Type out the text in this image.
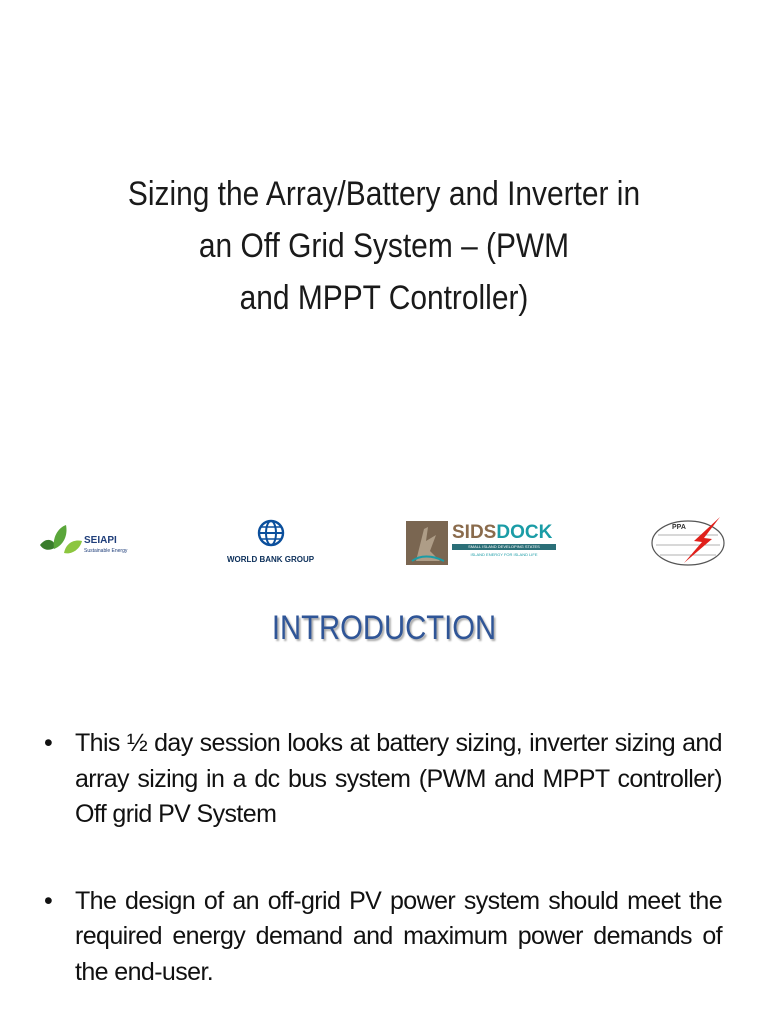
Sizing the Array/Battery and Inverter in
an Off Grid System – (PWM
and MPPT Controller)
SEIAPI
Sustainable Energy
WORLD BANK GROUP
SIDSDOCK
SMALL ISLAND DEVELOPING STATES
ISLAND ENERGY FOR ISLAND LIFE
PPA
INTRODUCTION
• This ½ day session looks at battery sizing, inverter sizing and array sizing in a dc bus system (PWM and MPPT controller) Off grid PV System
• The design of an off-grid PV power system should meet the required energy demand and maximum power demands of the end-user.
